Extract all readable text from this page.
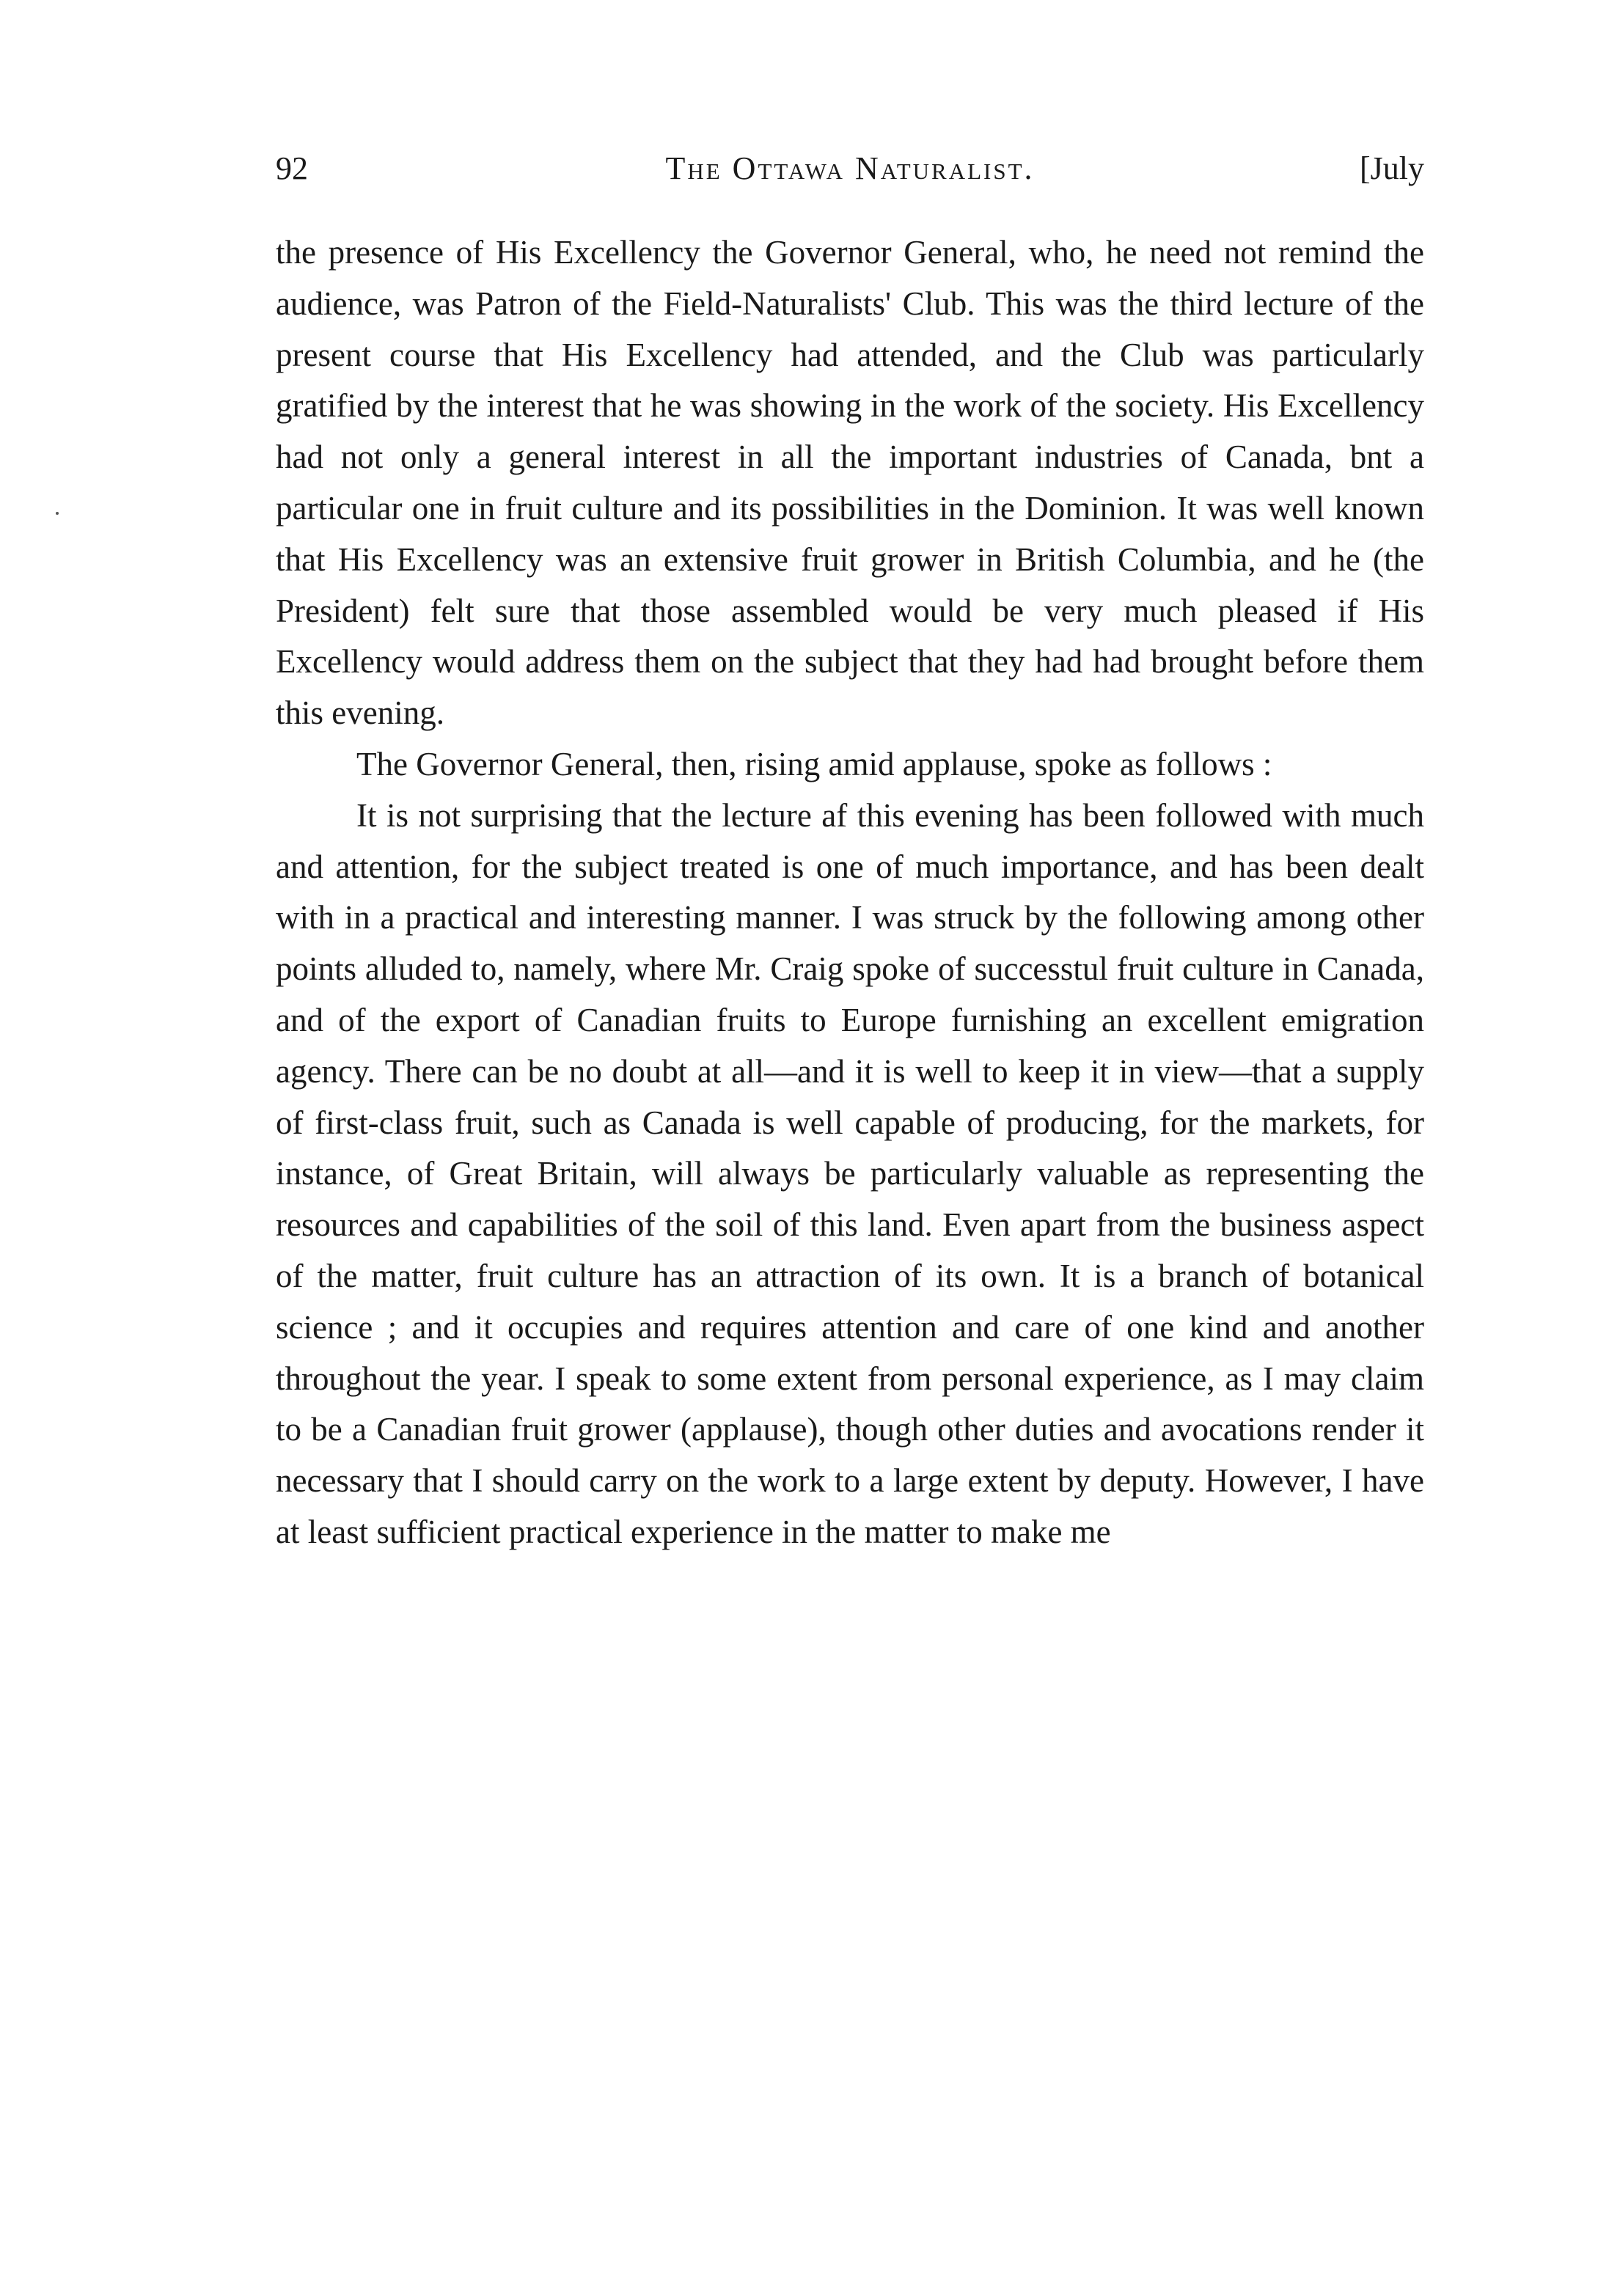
92	The Ottawa Naturalist.	[July

the presence of His Excellency the Governor General, who, he need not remind the audience, was Patron of the Field-Naturalists' Club. This was the third lecture of the present course that His Excellency had attended, and the Club was particularly gratified by the interest that he was showing in the work of the society. His Excellency had not only a general interest in all the important industries of Canada, bnt a particular one in fruit culture and its possibilities in the Dominion. It was well known that His Excellency was an extensive fruit grower in British Columbia, and he (the President) felt sure that those assembled would be very much pleased if His Excellency would address them on the subject that they had had brought before them this evening.

The Governor General, then, rising amid applause, spoke as follows :

It is not surprising that the lecture af this evening has been followed with much and attention, for the subject treated is one of much importance, and has been dealt with in a practical and interesting manner. I was struck by the following among other points alluded to, namely, where Mr. Craig spoke of successtul fruit culture in Canada, and of the export of Canadian fruits to Europe furnishing an excellent emigration agency. There can be no doubt at all—and it is well to keep it in view—that a supply of first-class fruit, such as Canada is well capable of producing, for the markets, for instance, of Great Britain, will always be particularly valuable as representing the resources and capabilities of the soil of this land. Even apart from the business aspect of the matter, fruit culture has an attraction of its own. It is a branch of botanical science ; and it occupies and requires attention and care of one kind and another throughout the year. I speak to some extent from personal experience, as I may claim to be a Canadian fruit grower (applause), though other duties and avocations render it necessary that I should carry on the work to a large extent by deputy. However, I have at least sufficient practical experience in the matter to make me
